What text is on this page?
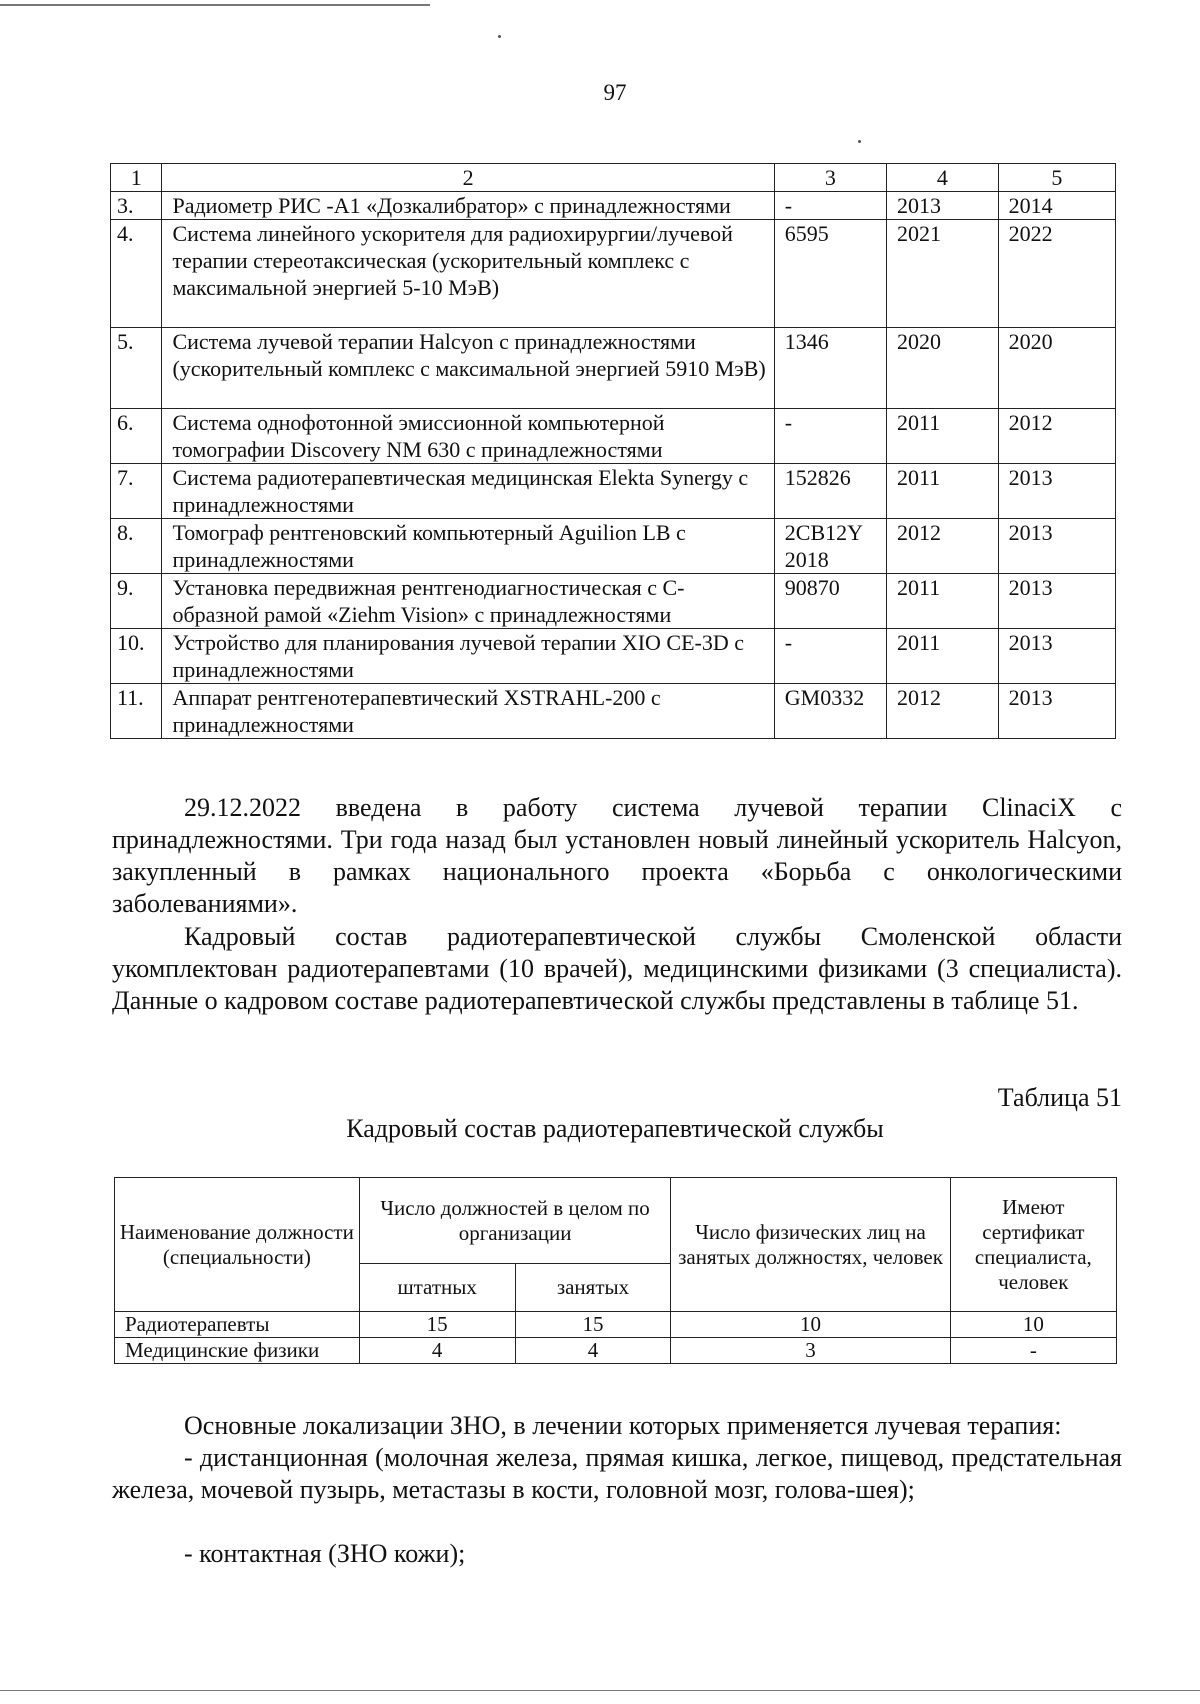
97
1	2	3	4	5
3.	Радиометр РИС -А1 «Дозкалибратор» с принадлежностями	-	2013	2014
4.	Система линейного ускорителя для радиохирургии/лучевой терапии стереотаксическая (ускорительный комплекс с максимальной энергией 5-10 МэВ)	6595	2021	2022
5.	Система лучевой терапии Halcyon с принадлежностями (ускорительный комплекс с максимальной энергией 5910 МэВ)	1346	2020	2020
6.	Система однофотонной эмиссионной компьютерной томографии Discovery NM 630 с принадлежностями	-	2011	2012
7.	Система радиотерапевтическая медицинская Elekta Synergy с принадлежностями	152826	2011	2013
8.	Томограф рентгеновский компьютерный Aguilion LB с принадлежностями	2CB12Y 2018	2012	2013
9.	Установка передвижная рентгенодиагностическая с С-образной рамой «Ziehm Vision» с принадлежностями	90870	2011	2013
10.	Устройство для планирования лучевой терапии XIO CE-3D с принадлежностями	-	2011	2013
11.	Аппарат рентгенотерапевтический XSTRAHL-200 с принадлежностями	GM0332	2012	2013
29.12.2022 введена в работу система лучевой терапии ClinaciX с принадлежностями. Три года назад был установлен новый линейный ускоритель Halcyon, закупленный в рамках национального проекта «Борьба с онкологическими заболеваниями».
Кадровый состав радиотерапевтической службы Смоленской области укомплектован радиотерапевтами (10 врачей), медицинскими физиками (3 специалиста). Данные о кадровом составе радиотерапевтической службы представлены в таблице 51.
Таблица 51
Кадровый состав радиотерапевтической службы
Наименование должности (специальности)	Число должностей в целом по организации		Число физических лиц на занятых должностях, человек	Имеют сертификат специалиста, человек
	штатных	занятых		
Радиотерапевты	15	15	10	10
Медицинские физики	4	4	3	-
Основные локализации ЗНО, в лечении которых применяется лучевая терапия:
- дистанционная (молочная железа, прямая кишка, легкое, пищевод, предстательная железа, мочевой пузырь, метастазы в кости, головной мозг, голова-шея);
- контактная (ЗНО кожи);
